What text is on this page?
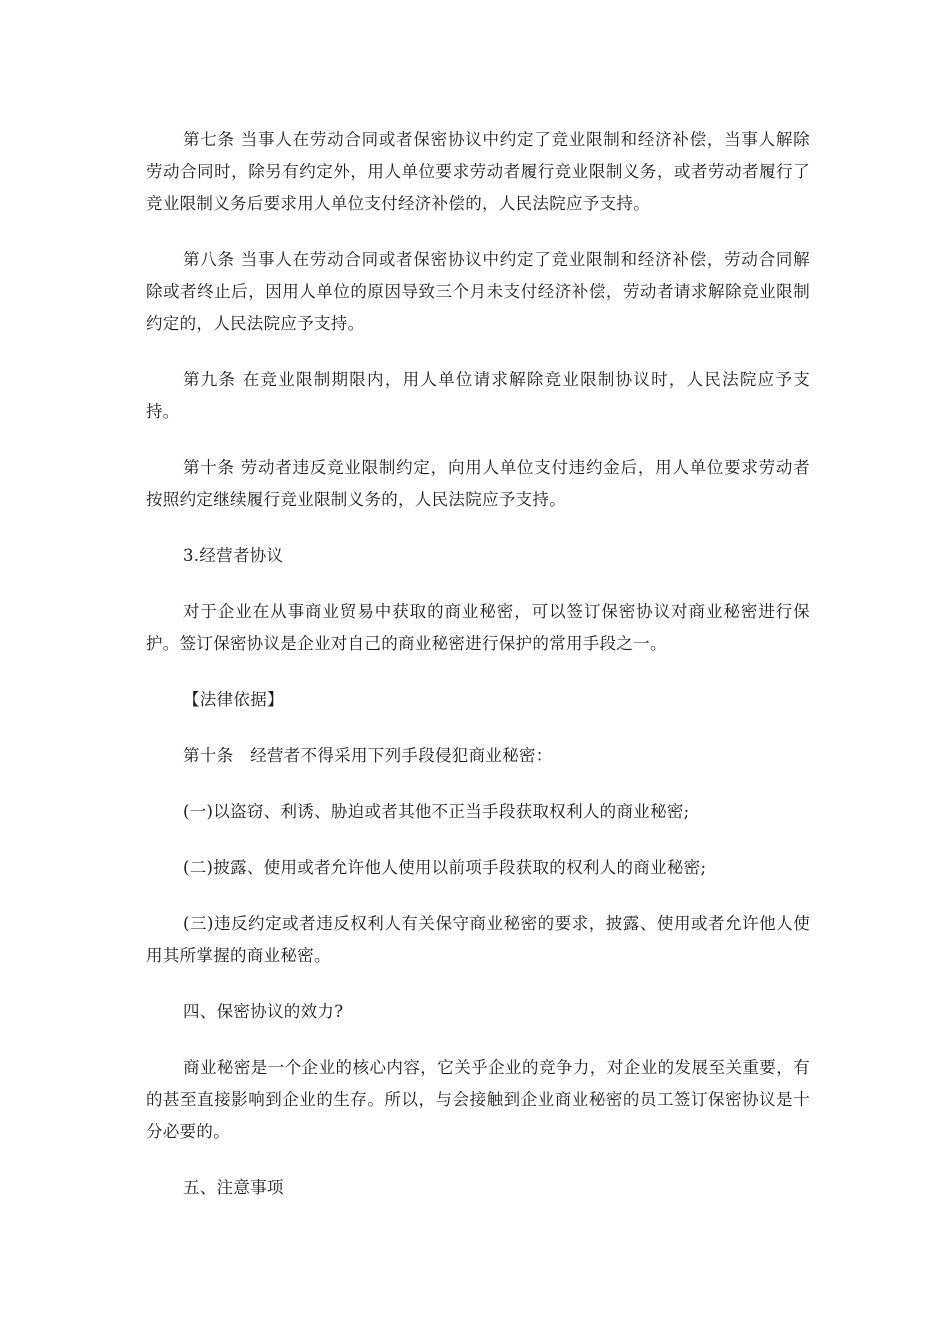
第七条 当事人在劳动合同或者保密协议中约定了竞业限制和经济补偿，当事人解除劳动合同时，除另有约定外，用人单位要求劳动者履行竞业限制义务，或者劳动者履行了竞业限制义务后要求用人单位支付经济补偿的，人民法院应予支持。

第八条 当事人在劳动合同或者保密协议中约定了竞业限制和经济补偿，劳动合同解除或者终止后，因用人单位的原因导致三个月未支付经济补偿，劳动者请求解除竞业限制约定的，人民法院应予支持。

第九条 在竞业限制期限内，用人单位请求解除竞业限制协议时，人民法院应予支持。

第十条 劳动者违反竞业限制约定，向用人单位支付违约金后，用人单位要求劳动者按照约定继续履行竞业限制义务的，人民法院应予支持。

3.经营者协议

对于企业在从事商业贸易中获取的商业秘密，可以签订保密协议对商业秘密进行保护。签订保密协议是企业对自己的商业秘密进行保护的常用手段之一。

【法律依据】

第十条　经营者不得采用下列手段侵犯商业秘密：

(一)以盗窃、利诱、胁迫或者其他不正当手段获取权利人的商业秘密;

(二)披露、使用或者允许他人使用以前项手段获取的权利人的商业秘密;

(三)违反约定或者违反权利人有关保守商业秘密的要求，披露、使用或者允许他人使用其所掌握的商业秘密。

四、保密协议的效力?

商业秘密是一个企业的核心内容，它关乎企业的竞争力，对企业的发展至关重要，有的甚至直接影响到企业的生存。所以，与会接触到企业商业秘密的员工签订保密协议是十分必要的。

五、注意事项
